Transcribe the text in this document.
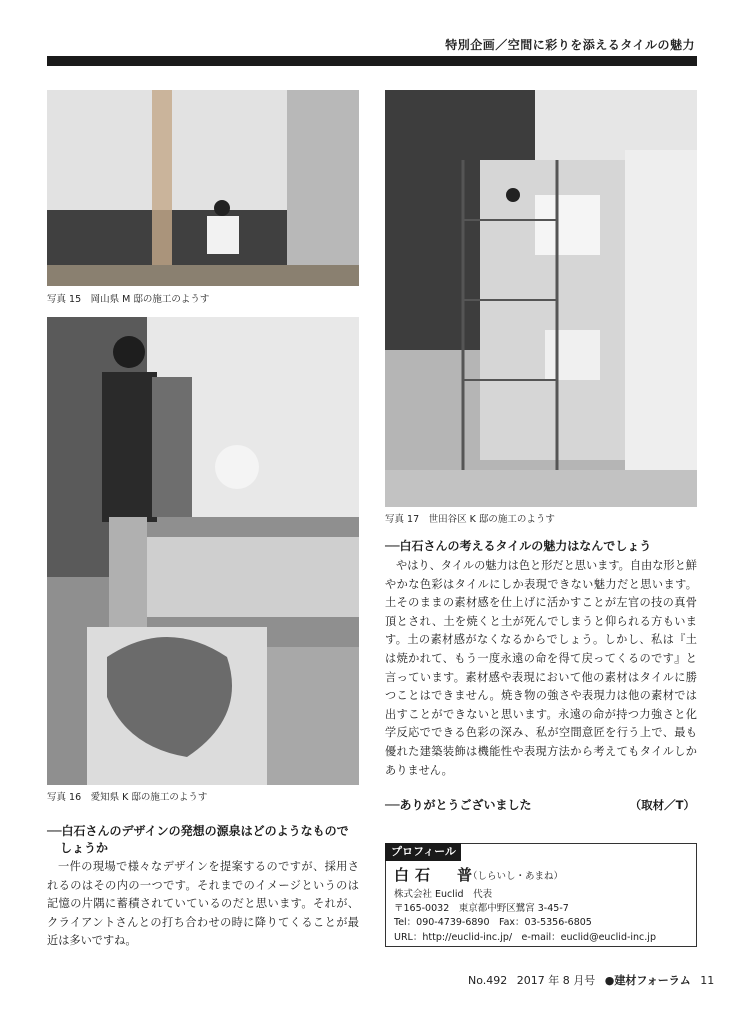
特別企画／空間に彩りを添えるタイルの魅力
写真 15　岡山県 M 邸の施工のようす
写真 16　愛知県 K 邸の施工のようす
写真 17　世田谷区 K 邸の施工のようす
──白石さんのデザインの発想の源泉はどのようなもので
しょうか
一件の現場で様々なデザインを提案するのですが、採用されるのはその内の一つです。それまでのイメージというのは記憶の片隅に蓄積されていているのだと思います。それが、クライアントさんとの打ち合わせの時に降りてくることが最近は多いですね。
──白石さんの考えるタイルの魅力はなんでしょう
やはり、タイルの魅力は色と形だと思います。自由な形と鮮やかな色彩はタイルにしか表現できない魅力だと思います。土そのままの素材感を仕上げに活かすことが左官の技の真骨頂とされ、土を焼くと土が死んでしまうと仰られる方もいます。土の素材感がなくなるからでしょう。しかし、私は『土は焼かれて、もう一度永遠の命を得て戻ってくるのです』と言っています。素材感や表現において他の素材はタイルに勝つことはできません。焼き物の強さや表現力は他の素材では出すことができないと思います。永遠の命が持つ力強さと化学反応でできる色彩の深み、私が空間意匠を行う上で、最も優れた建築装飾は機能性や表現方法から考えてもタイルしかありません。
──ありがとうございました	（取材／T）
プロフィール
白石　普
（しらいし・あまね）
株式会社 Euclid　代表
〒165-0032　東京都中野区鷺宮 3-45-7
Tel：090-4739-6890　Fax：03-5356-6805
URL：http://euclid-inc.jp/　e-mail：euclid@euclid-inc.jp
No.492 2017 年 8 月号 ●建材フォーラム 11
